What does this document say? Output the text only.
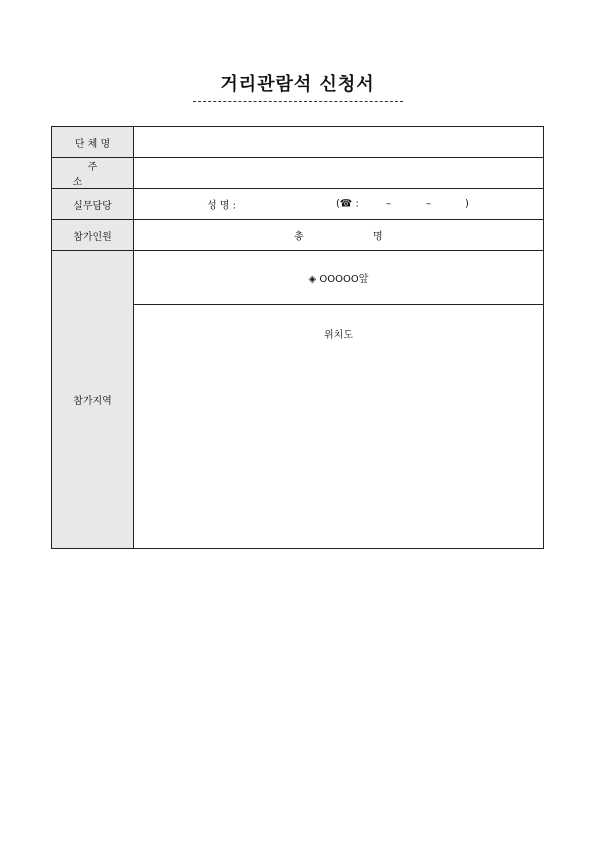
거리관람석 신청서
단 체 명	
주 소	
실무담당	성 명 : (☎ : – – )

참가인원	총 명

참가지역	◈ OOOOO앞

	위치도
